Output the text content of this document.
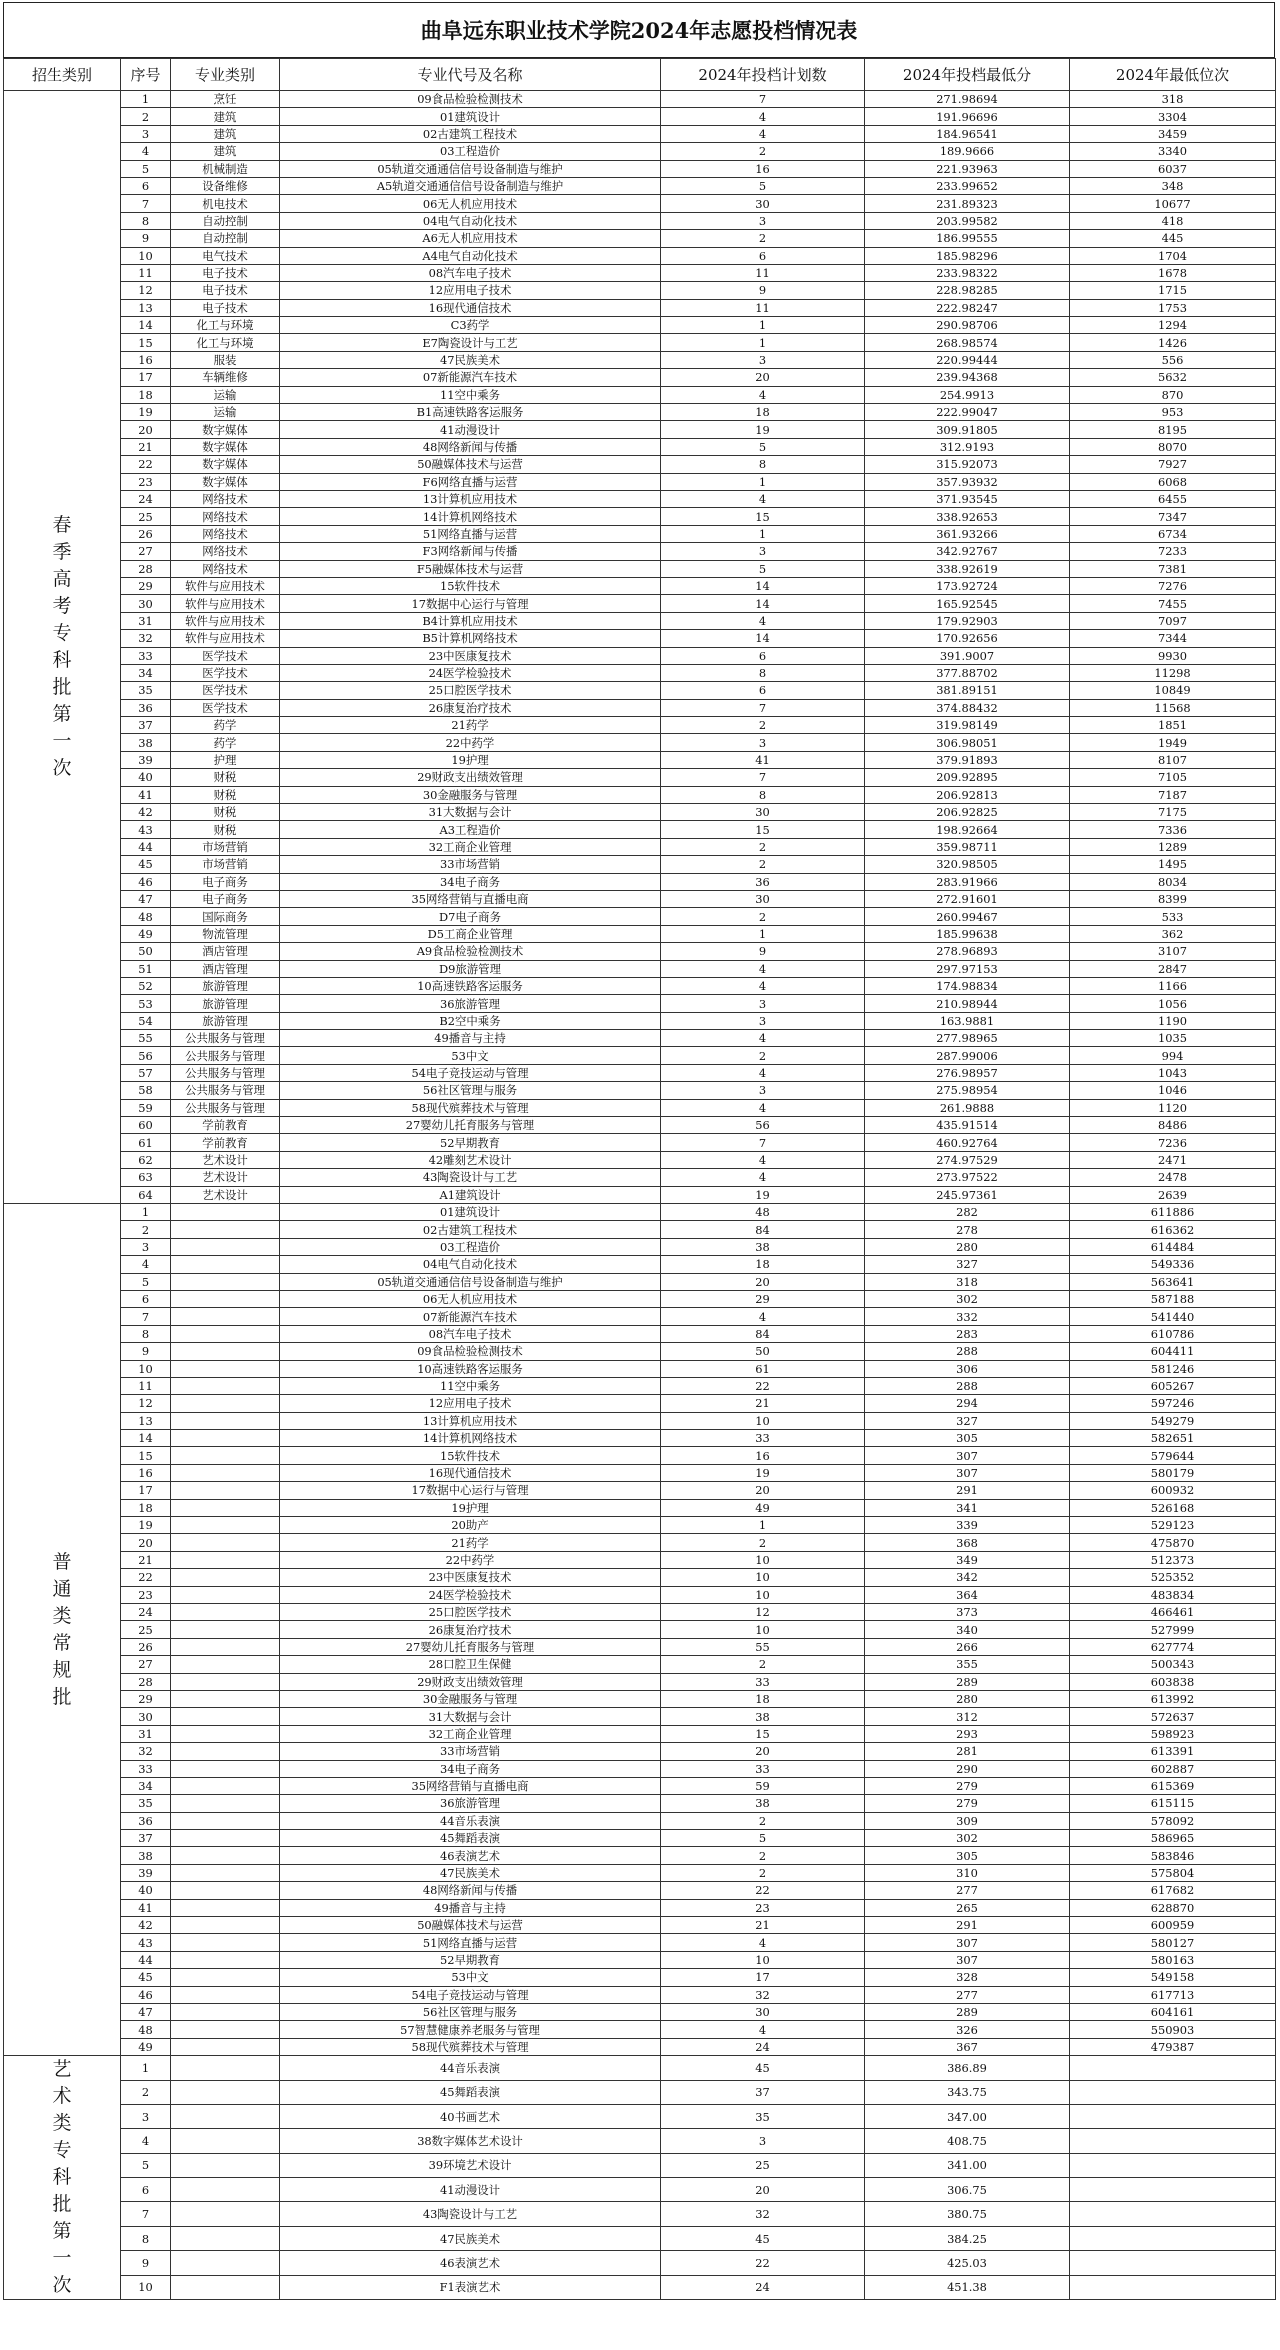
曲阜远东职业技术学院2024年志愿投档情况表
招生类别	序号	专业类别	专业代号及名称	2024年投档计划数	2024年投档最低分	2024年最低位次
春季高考专科批第一次	1	烹饪	09食品检验检测技术	7	271.98694	318
	2	建筑	01建筑设计	4	191.96696	3304
	3	建筑	02古建筑工程技术	4	184.96541	3459
	4	建筑	03工程造价	2	189.9666	3340
	5	机械制造	05轨道交通通信信号设备制造与维护	16	221.93963	6037
	6	设备维修	A5轨道交通通信信号设备制造与维护	5	233.99652	348
	7	机电技术	06无人机应用技术	30	231.89323	10677
	8	自动控制	04电气自动化技术	3	203.99582	418
	9	自动控制	A6无人机应用技术	2	186.99555	445
	10	电气技术	A4电气自动化技术	6	185.98296	1704
	11	电子技术	08汽车电子技术	11	233.98322	1678
	12	电子技术	12应用电子技术	9	228.98285	1715
	13	电子技术	16现代通信技术	11	222.98247	1753
	14	化工与环境	C3药学	1	290.98706	1294
	15	化工与环境	E7陶瓷设计与工艺	1	268.98574	1426
	16	服装	47民族美术	3	220.99444	556
	17	车辆维修	07新能源汽车技术	20	239.94368	5632
	18	运输	11空中乘务	4	254.9913	870
	19	运输	B1高速铁路客运服务	18	222.99047	953
	20	数字媒体	41动漫设计	19	309.91805	8195
	21	数字媒体	48网络新闻与传播	5	312.9193	8070
	22	数字媒体	50融媒体技术与运营	8	315.92073	7927
	23	数字媒体	F6网络直播与运营	1	357.93932	6068
	24	网络技术	13计算机应用技术	4	371.93545	6455
	25	网络技术	14计算机网络技术	15	338.92653	7347
	26	网络技术	51网络直播与运营	1	361.93266	6734
	27	网络技术	F3网络新闻与传播	3	342.92767	7233
	28	网络技术	F5融媒体技术与运营	5	338.92619	7381
	29	软件与应用技术	15软件技术	14	173.92724	7276
	30	软件与应用技术	17数据中心运行与管理	14	165.92545	7455
	31	软件与应用技术	B4计算机应用技术	4	179.92903	7097
	32	软件与应用技术	B5计算机网络技术	14	170.92656	7344
	33	医学技术	23中医康复技术	6	391.9007	9930
	34	医学技术	24医学检验技术	8	377.88702	11298
	35	医学技术	25口腔医学技术	6	381.89151	10849
	36	医学技术	26康复治疗技术	7	374.88432	11568
	37	药学	21药学	2	319.98149	1851
	38	药学	22中药学	3	306.98051	1949
	39	护理	19护理	41	379.91893	8107
	40	财税	29财政支出绩效管理	7	209.92895	7105
	41	财税	30金融服务与管理	8	206.92813	7187
	42	财税	31大数据与会计	30	206.92825	7175
	43	财税	A3工程造价	15	198.92664	7336
	44	市场营销	32工商企业管理	2	359.98711	1289
	45	市场营销	33市场营销	2	320.98505	1495
	46	电子商务	34电子商务	36	283.91966	8034
	47	电子商务	35网络营销与直播电商	30	272.91601	8399
	48	国际商务	D7电子商务	2	260.99467	533
	49	物流管理	D5工商企业管理	1	185.99638	362
	50	酒店管理	A9食品检验检测技术	9	278.96893	3107
	51	酒店管理	D9旅游管理	4	297.97153	2847
	52	旅游管理	10高速铁路客运服务	4	174.98834	1166
	53	旅游管理	36旅游管理	3	210.98944	1056
	54	旅游管理	B2空中乘务	3	163.9881	1190
	55	公共服务与管理	49播音与主持	4	277.98965	1035
	56	公共服务与管理	53中文	2	287.99006	994
	57	公共服务与管理	54电子竞技运动与管理	4	276.98957	1043
	58	公共服务与管理	56社区管理与服务	3	275.98954	1046
	59	公共服务与管理	58现代殡葬技术与管理	4	261.9888	1120
	60	学前教育	27婴幼儿托育服务与管理	56	435.91514	8486
	61	学前教育	52早期教育	7	460.92764	7236
	62	艺术设计	42雕刻艺术设计	4	274.97529	2471
	63	艺术设计	43陶瓷设计与工艺	4	273.97522	2478
	64	艺术设计	A1建筑设计	19	245.97361	2639
普通类常规批	1		01建筑设计	48	282	611886
	2		02古建筑工程技术	84	278	616362
	3		03工程造价	38	280	614484
	4		04电气自动化技术	18	327	549336
	5		05轨道交通通信信号设备制造与维护	20	318	563641
	6		06无人机应用技术	29	302	587188
	7		07新能源汽车技术	4	332	541440
	8		08汽车电子技术	84	283	610786
	9		09食品检验检测技术	50	288	604411
	10		10高速铁路客运服务	61	306	581246
	11		11空中乘务	22	288	605267
	12		12应用电子技术	21	294	597246
	13		13计算机应用技术	10	327	549279
	14		14计算机网络技术	33	305	582651
	15		15软件技术	16	307	579644
	16		16现代通信技术	19	307	580179
	17		17数据中心运行与管理	20	291	600932
	18		19护理	49	341	526168
	19		20助产	1	339	529123
	20		21药学	2	368	475870
	21		22中药学	10	349	512373
	22		23中医康复技术	10	342	525352
	23		24医学检验技术	10	364	483834
	24		25口腔医学技术	12	373	466461
	25		26康复治疗技术	10	340	527999
	26		27婴幼儿托育服务与管理	55	266	627774
	27		28口腔卫生保健	2	355	500343
	28		29财政支出绩效管理	33	289	603838
	29		30金融服务与管理	18	280	613992
	30		31大数据与会计	38	312	572637
	31		32工商企业管理	15	293	598923
	32		33市场营销	20	281	613391
	33		34电子商务	33	290	602887
	34		35网络营销与直播电商	59	279	615369
	35		36旅游管理	38	279	615115
	36		44音乐表演	2	309	578092
	37		45舞蹈表演	5	302	586965
	38		46表演艺术	2	305	583846
	39		47民族美术	2	310	575804
	40		48网络新闻与传播	22	277	617682
	41		49播音与主持	23	265	628870
	42		50融媒体技术与运营	21	291	600959
	43		51网络直播与运营	4	307	580127
	44		52早期教育	10	307	580163
	45		53中文	17	328	549158
	46		54电子竞技运动与管理	32	277	617713
	47		56社区管理与服务	30	289	604161
	48		57智慧健康养老服务与管理	4	326	550903
	49		58现代殡葬技术与管理	24	367	479387
艺术类专科批第一次	1		44音乐表演	45	386.89	
	2		45舞蹈表演	37	343.75	
	3		40书画艺术	35	347.00	
	4		38数字媒体艺术设计	3	408.75	
	5		39环境艺术设计	25	341.00	
	6		41动漫设计	20	306.75	
	7		43陶瓷设计与工艺	32	380.75	
	8		47民族美术	45	384.25	
	9		46表演艺术	22	425.03	
	10		F1表演艺术	24	451.38	
